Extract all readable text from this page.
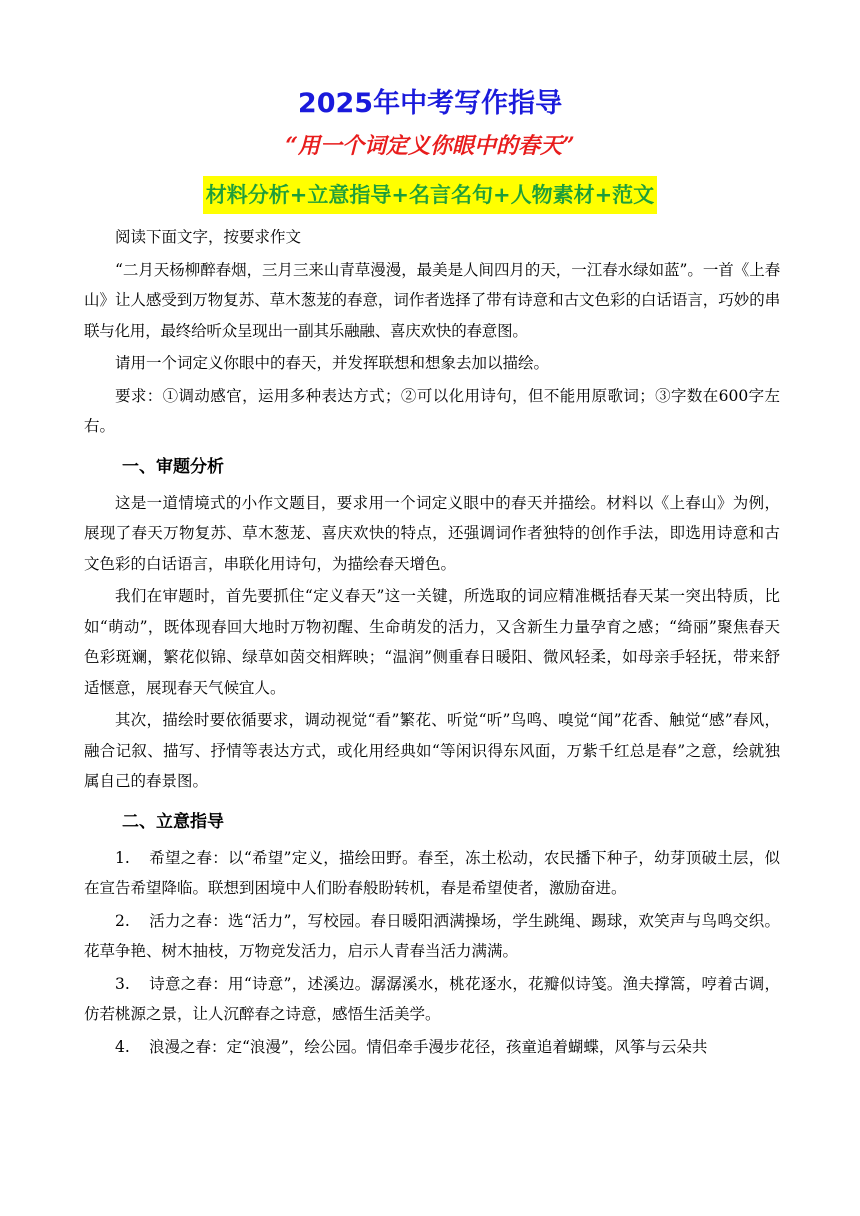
2025年中考写作指导
“用一个词定义你眼中的春天”
材料分析+立意指导+名言名句+人物素材+范文

阅读下面文字，按要求作文

“二月天杨柳醉春烟，三月三来山青草漫漫，最美是人间四月的天，一江春水绿如蓝”。一首《上春山》让人感受到万物复苏、草木葱茏的春意，词作者选择了带有诗意和古文色彩的白话语言，巧妙的串联与化用，最终给听众呈现出一副其乐融融、喜庆欢快的春意图。

请用一个词定义你眼中的春天，并发挥联想和想象去加以描绘。

要求：①调动感官，运用多种表达方式；②可以化用诗句，但不能用原歌词；③字数在600字左右。

一、审题分析

这是一道情境式的小作文题目，要求用一个词定义眼中的春天并描绘。材料以《上春山》为例，展现了春天万物复苏、草木葱茏、喜庆欢快的特点，还强调词作者独特的创作手法，即选用诗意和古文色彩的白话语言，串联化用诗句，为描绘春天增色。

我们在审题时，首先要抓住“定义春天”这一关键，所选取的词应精准概括春天某一突出特质，比如“萌动”，既体现春回大地时万物初醒、生命萌发的活力，又含新生力量孕育之感；“绮丽”聚焦春天色彩斑斓，繁花似锦、绿草如茵交相辉映；“温润”侧重春日暖阳、微风轻柔，如母亲手轻抚，带来舒适惬意，展现春天气候宜人。

其次，描绘时要依循要求，调动视觉“看”繁花、听觉“听”鸟鸣、嗅觉“闻”花香、触觉“感”春风，融合记叙、描写、抒情等表达方式，或化用经典如“等闲识得东风面，万紫千红总是春”之意，绘就独属自己的春景图。

二、立意指导

1. 希望之春：以“希望”定义，描绘田野。春至，冻土松动，农民播下种子，幼芽顶破土层，似在宣告希望降临。联想到困境中人们盼春般盼转机，春是希望使者，激励奋进。

2. 活力之春：选“活力”，写校园。春日暖阳洒满操场，学生跳绳、踢球，欢笑声与鸟鸣交织。花草争艳、树木抽枝，万物竞发活力，启示人青春当活力满满。

3. 诗意之春：用“诗意”，述溪边。潺潺溪水，桃花逐水，花瓣似诗笺。渔夫撑篙，哼着古调，仿若桃源之景，让人沉醉春之诗意，感悟生活美学。

4. 浪漫之春：定“浪漫”，绘公园。情侣牵手漫步花径，孩童追着蝴蝶，风筝与云朵共
